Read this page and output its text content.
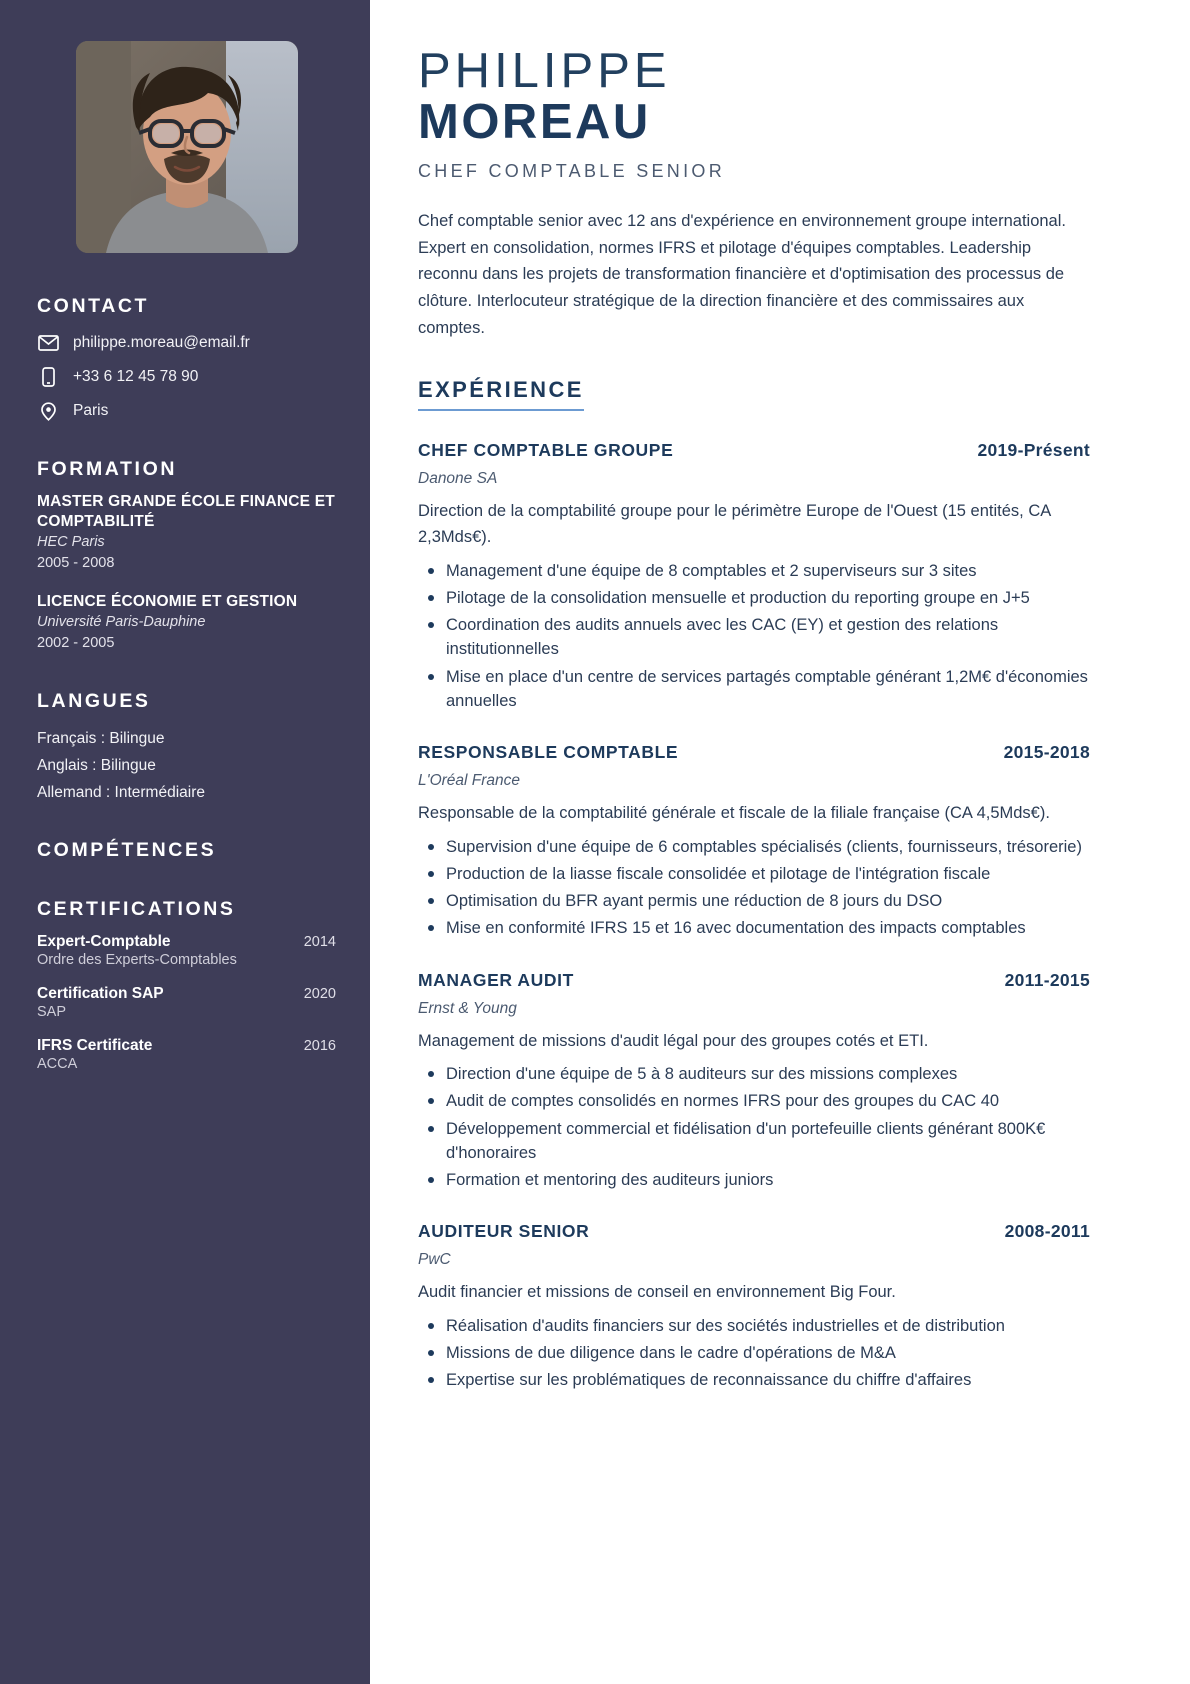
CONTACT
philippe.moreau@email.fr
+33 6 12 45 78 90
Paris
FORMATION
MASTER GRANDE ÉCOLE FINANCE ET COMPTABILITÉ
HEC Paris
2005 - 2008
LICENCE ÉCONOMIE ET GESTION
Université Paris-Dauphine
2002 - 2005
LANGUES
Français : Bilingue
Anglais : Bilingue
Allemand : Intermédiaire
COMPÉTENCES
CERTIFICATIONS
Expert-Comptable	2014
Ordre des Experts-Comptables
Certification SAP	2020
SAP
IFRS Certificate	2016
ACCA
PHILIPPE
MOREAU
CHEF COMPTABLE SENIOR

Chef comptable senior avec 12 ans d'expérience en environnement groupe international. Expert en consolidation, normes IFRS et pilotage d'équipes comptables. Leadership reconnu dans les projets de transformation financière et d'optimisation des processus de clôture. Interlocuteur stratégique de la direction financière et des commissaires aux comptes.

EXPÉRIENCE
CHEF COMPTABLE GROUPE	2019-Présent
Danone SA

Direction de la comptabilité groupe pour le périmètre Europe de l'Ouest (15 entités, CA 2,3Mds€).

Management d'une équipe de 8 comptables et 2 superviseurs sur 3 sites
Pilotage de la consolidation mensuelle et production du reporting groupe en J+5
Coordination des audits annuels avec les CAC (EY) et gestion des relations institutionnelles
Mise en place d'un centre de services partagés comptable générant 1,2M€ d'économies annuelles
RESPONSABLE COMPTABLE	2015-2018
L'Oréal France

Responsable de la comptabilité générale et fiscale de la filiale française (CA 4,5Mds€).

Supervision d'une équipe de 6 comptables spécialisés (clients, fournisseurs, trésorerie)
Production de la liasse fiscale consolidée et pilotage de l'intégration fiscale
Optimisation du BFR ayant permis une réduction de 8 jours du DSO
Mise en conformité IFRS 15 et 16 avec documentation des impacts comptables
MANAGER AUDIT	2011-2015
Ernst & Young

Management de missions d'audit légal pour des groupes cotés et ETI.

Direction d'une équipe de 5 à 8 auditeurs sur des missions complexes
Audit de comptes consolidés en normes IFRS pour des groupes du CAC 40
Développement commercial et fidélisation d'un portefeuille clients générant 800K€ d'honoraires
Formation et mentoring des auditeurs juniors
AUDITEUR SENIOR	2008-2011
PwC

Audit financier et missions de conseil en environnement Big Four.

Réalisation d'audits financiers sur des sociétés industrielles et de distribution
Missions de due diligence dans le cadre d'opérations de M&A
Expertise sur les problématiques de reconnaissance du chiffre d'affaires
